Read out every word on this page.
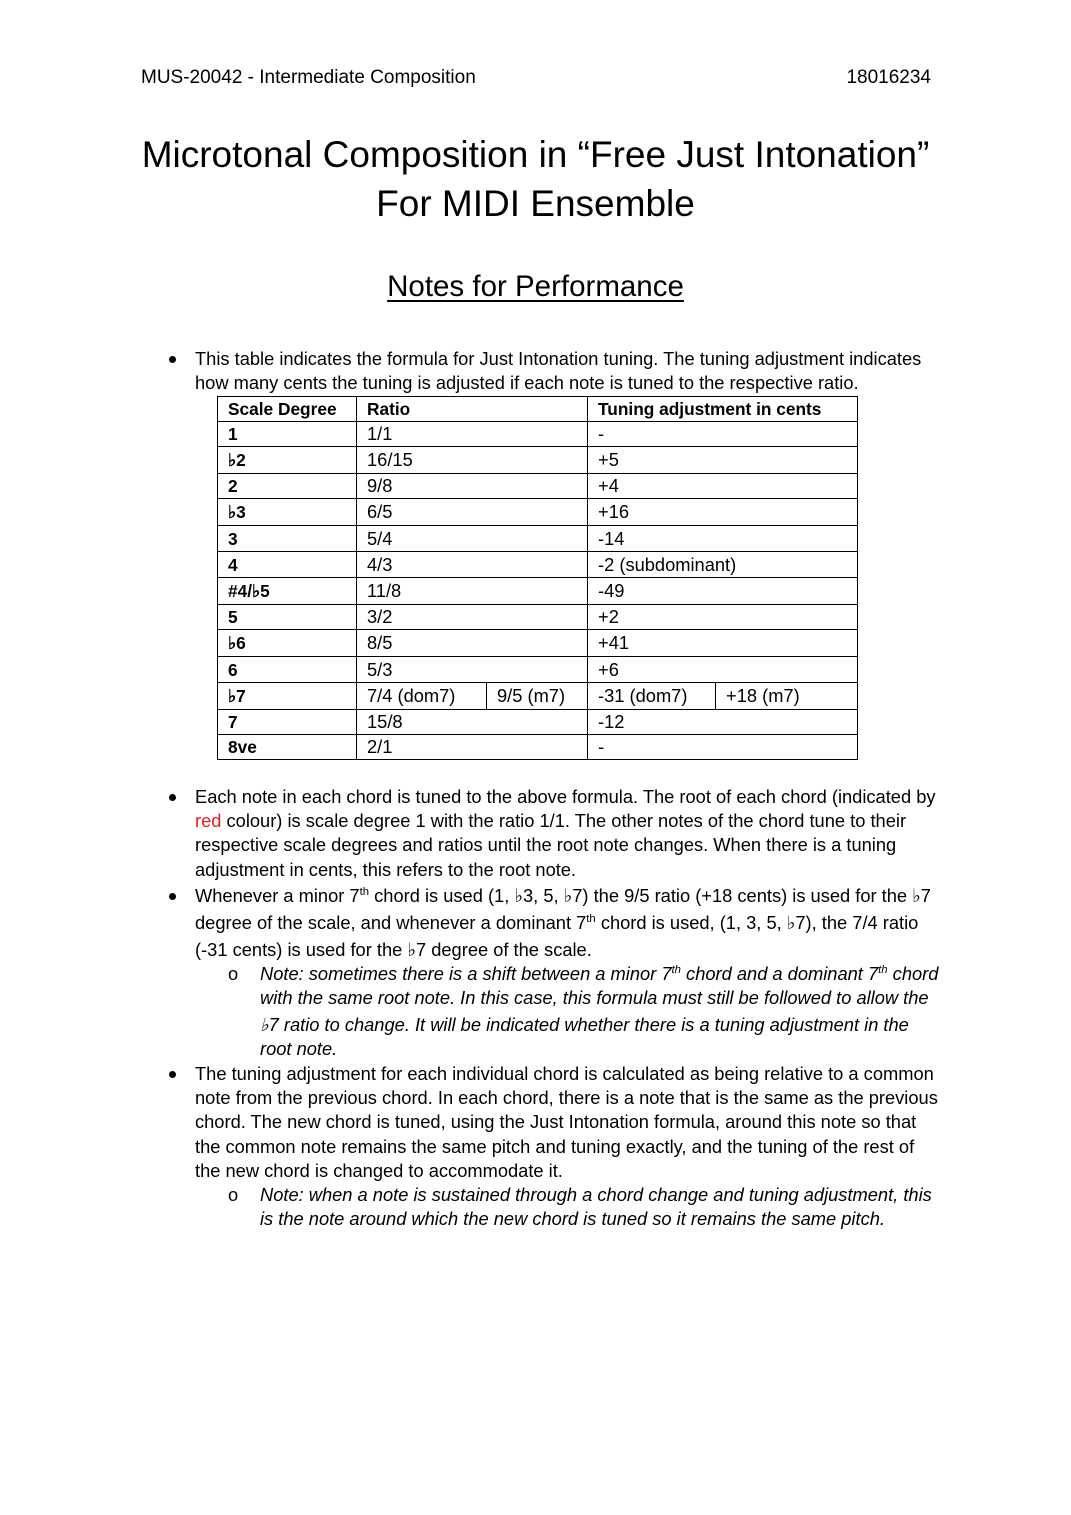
MUS-20042 - Intermediate Composition	18016234
Microtonal Composition in “Free Just Intonation”
For MIDI Ensemble
Notes for Performance
This table indicates the formula for Just Intonation tuning. The tuning adjustment indicates
how many cents the tuning is adjusted if each note is tuned to the respective ratio.
Scale Degree	Ratio		Tuning adjustment in cents	
1	1/1		-	
♭2	16/15		+5	
2	9/8		+4	
♭3	6/5		+16	
3	5/4		-14	
4	4/3		-2 (subdominant)	
#4/♭5	11/8		-49	
5	3/2		+2	
♭6	8/5		+41	
6	5/3		+6	
♭7	7/4 (dom7)	9/5 (m7)	-31 (dom7)	+18 (m7)
7	15/8		-12	
8ve	2/1		-	
Each note in each chord is tuned to the above formula. The root of each chord (indicated by
red colour) is scale degree 1 with the ratio 1/1. The other notes of the chord tune to their
respective scale degrees and ratios until the root note changes. When there is a tuning
adjustment in cents, this refers to the root note.
Whenever a minor 7th chord is used (1, ♭3, 5, ♭7) the 9/5 ratio (+18 cents) is used for the ♭7
degree of the scale, and whenever a dominant 7th chord is used, (1, 3, 5, ♭7), the 7/4 ratio
(-31 cents) is used for the ♭7 degree of the scale.
o Note: sometimes there is a shift between a minor 7th chord and a dominant 7th chord
with the same root note. In this case, this formula must still be followed to allow the
♭7 ratio to change. It will be indicated whether there is a tuning adjustment in the
root note.
The tuning adjustment for each individual chord is calculated as being relative to a common
note from the previous chord. In each chord, there is a note that is the same as the previous
chord. The new chord is tuned, using the Just Intonation formula, around this note so that
the common note remains the same pitch and tuning exactly, and the tuning of the rest of
the new chord is changed to accommodate it.
o Note: when a note is sustained through a chord change and tuning adjustment, this
is the note around which the new chord is tuned so it remains the same pitch.
